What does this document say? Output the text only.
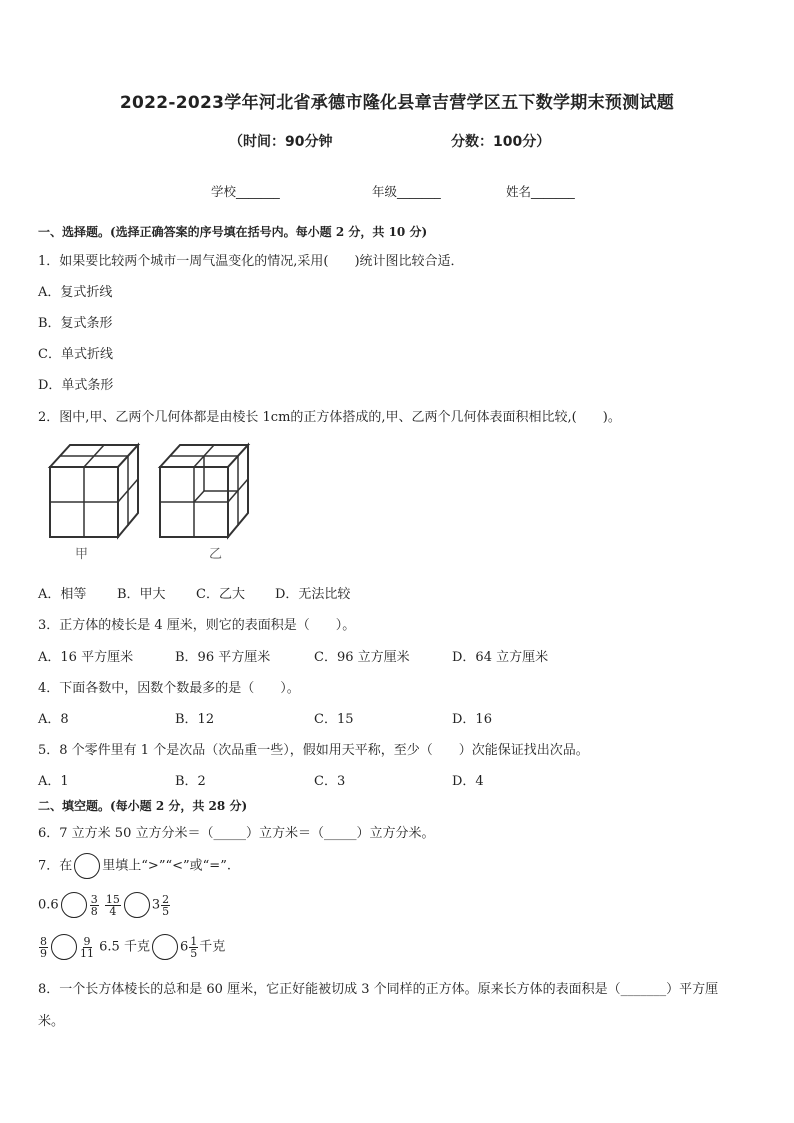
2022-2023学年河北省承德市隆化县章吉营学区五下数学期末预测试题
（时间：90分钟	分数：100分）
学校_______	年级_______	姓名_______
一、选择题。(选择正确答案的序号填在括号内。每小题 2 分，共 10 分)
1．如果要比较两个城市一周气温变化的情况,采用(　　)统计图比较合适．
A．复式折线
B．复式条形
C．单式折线
D．单式条形
2．图中,甲、乙两个几何体都是由棱长 1cm的正方体搭成的,甲、乙两个几何体表面积相比较,(　　)。
甲	乙
A．相等 B．甲大 C．乙大 D．无法比较
3．正方体的棱长是 4 厘米，则它的表面积是（　　）。
A．16 平方厘米	B．96 平方厘米	C．96 立方厘米	D．64 立方厘米
4．下面各数中，因数个数最多的是（　　）。
A．8	B．12	C．15	D．16
5．8 个零件里有 1 个是次品（次品重一些），假如用天平称，至少（　　）次能保证找出次品。
A．1	B．2	C．3	D．4
二、填空题。(每小题 2 分，共 28 分)
6．7 立方米 50 立方分米＝（_____）立方米＝（_____）立方分米。
7．在 里填上“>”“<”或“=”.
0.6	$\frac{3}{8}$
$\frac{15}{4} 3 \frac{2}{5}$
$\frac{8}{9}$	$\frac{9}{11} 6.5$ 千克 $6 \frac{1}{5}$ 千克
8．一个长方体棱长的总和是 60 厘米，它正好能被切成 3 个同样的正方体。原来长方体的表面积是（_______）平方厘
米。
